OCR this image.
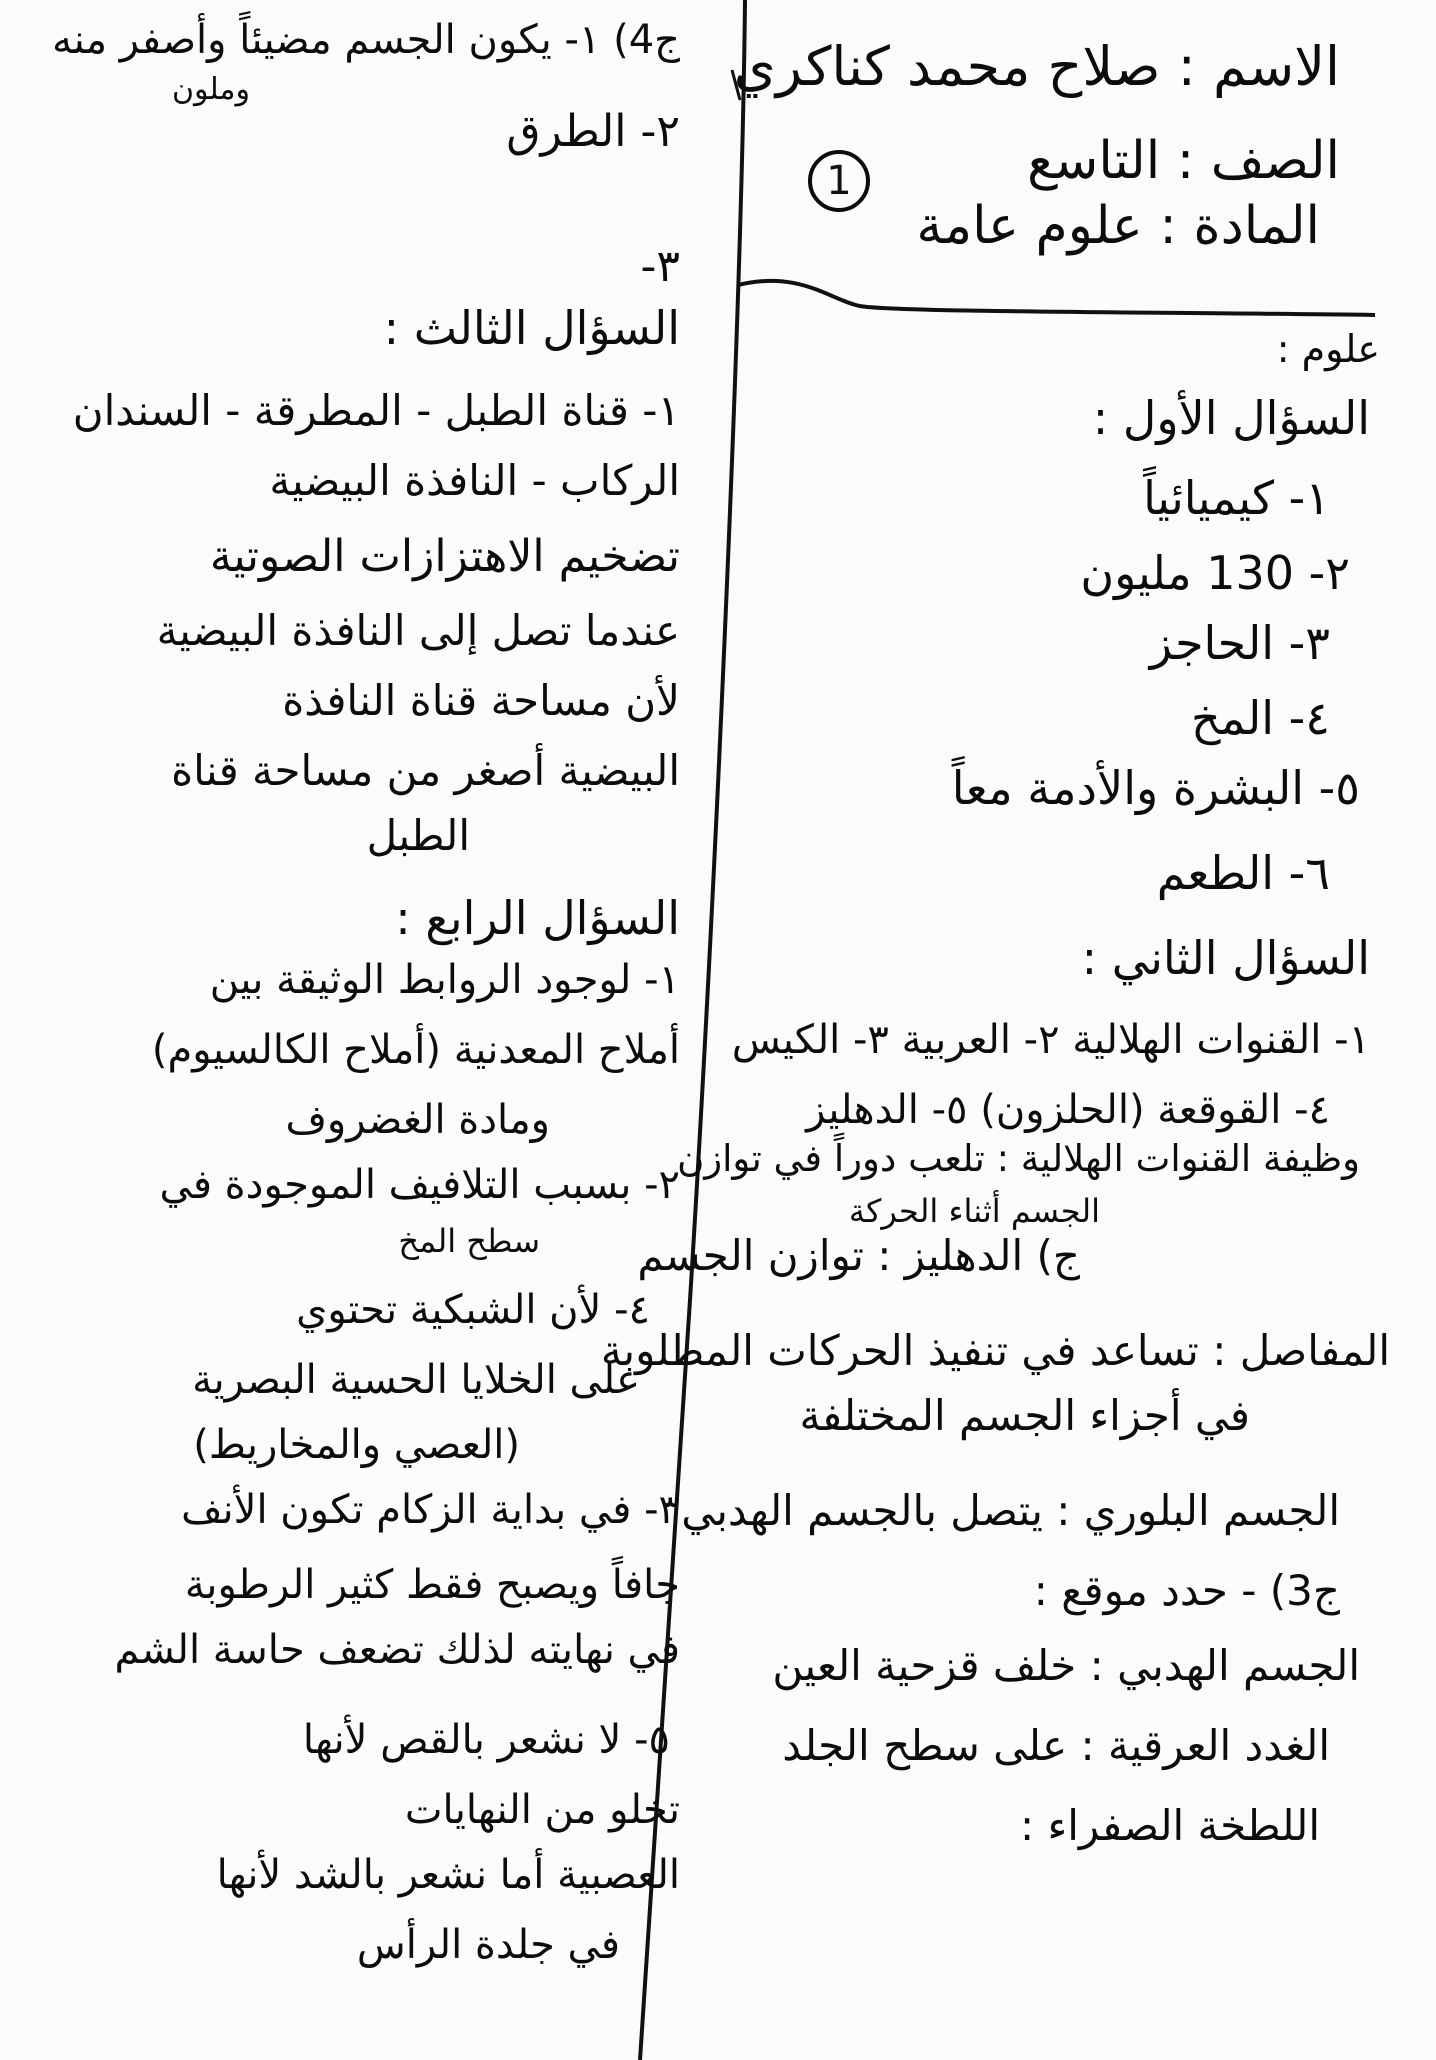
الاسم : صلاح محمد كناكري
الصف : التاسع
المادة : علوم عامة
1
علوم :
السؤال الأول :
١- كيميائياً
٢- 130 مليون
٣- الحاجز
٤- المخ
٥- البشرة والأدمة معاً
٦- الطعم
السؤال الثاني :
١- القنوات الهلالية ٢- العربية ٣- الكيس
٤- القوقعة (الحلزون) ٥- الدهليز
وظيفة القنوات الهلالية : تلعب دوراً في توازن
الجسم أثناء الحركة
ج) الدهليز : توازن الجسم
المفاصل : تساعد في تنفيذ الحركات المطلوبة
في أجزاء الجسم المختلفة
الجسم البلوري : يتصل بالجسم الهدبي
ج3) - حدد موقع :
الجسم الهدبي : خلف قزحية العين
الغدد العرقية : على سطح الجلد
اللطخة الصفراء :
ج4) ١- يكون الجسم مضيئاً وأصفر منه
وملون
٢- الطرق
٣-
السؤال الثالث :
١- قناة الطبل - المطرقة - السندان
الركاب - النافذة البيضية
تضخيم الاهتزازات الصوتية
عندما تصل إلى النافذة البيضية
لأن مساحة قناة النافذة
البيضية أصغر من مساحة قناة
الطبل
السؤال الرابع :
١- لوجود الروابط الوثيقة بين
أملاح المعدنية (أملاح الكالسيوم)
ومادة الغضروف
٢- بسبب التلافيف الموجودة في
سطح المخ
٤- لأن الشبكية تحتوي
على الخلايا الحسية البصرية
(العصي والمخاريط)
٣- في بداية الزكام تكون الأنف
جافاً ويصبح فقط كثير الرطوبة
في نهايته لذلك تضعف حاسة الشم
٥- لا نشعر بالقص لأنها
تخلو من النهايات
العصبية أما نشعر بالشد لأنها
في جلدة الرأس
